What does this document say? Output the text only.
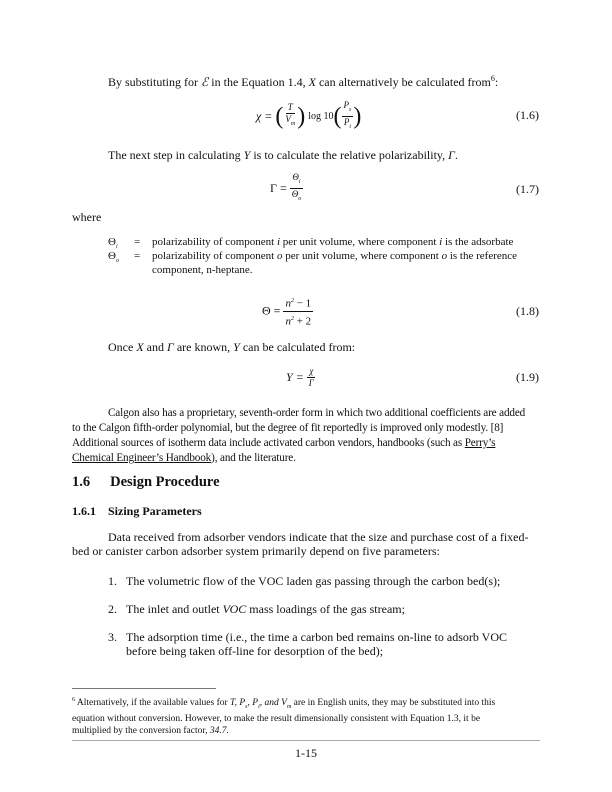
By substituting for ℰ in the Equation 1.4, X can alternatively be calculated from$^6$:
χ = ( $\frac{T}{V_m}$ ) $\log 10( \frac{P_s}{P_i}$ )	(1.6)
The next step in calculating Y is to calculate the relative polarizability, Γ.
$\Gamma = \frac{\Theta_i}{\Theta_o}$	(1.7)
where
$\Theta_i$ = polarizability of component i per unit volume, where component i is the adsorbate
$\Theta_o$ = polarizability of component o per unit volume, where component o is the reference
component, n-heptane.
$\Theta = \frac{n^2 - 1}{n^2 + 2}$	(1.8)
Once X and Γ are known, Y can be calculated from:
$Y = \frac{\chi}{\Gamma}$	(1.9)
Calgon also has a proprietary, seventh-order form in which two additional coefficients are added
to the Calgon fifth-order polynomial, but the degree of fit reportedly is improved only modestly. [8]
Additional sources of isotherm data include activated carbon vendors, handbooks (such as Perry’s
Chemical Engineer’s Handbook), and the literature.
1.6 Design Procedure
1.6.1 Sizing Parameters
Data received from adsorber vendors indicate that the size and purchase cost of a fixed-
bed or canister carbon adsorber system primarily depend on five parameters:
1. The volumetric flow of the VOC laden gas passing through the carbon bed(s);
2. The inlet and outlet VOC mass loadings of the gas stream;
3. The adsorption time (i.e., the time a carbon bed remains on-line to adsorb VOC
before being taken off-line for desorption of the bed);
$^6$ Alternatively, if the available values for T, $P_s$, $P_i$, and $V_m$ are in English units, they may be substituted into this
equation without conversion. However, to make the result dimensionally consistent with Equation 1.3, it be
multiplied by the conversion factor, 34.7.
1-15
